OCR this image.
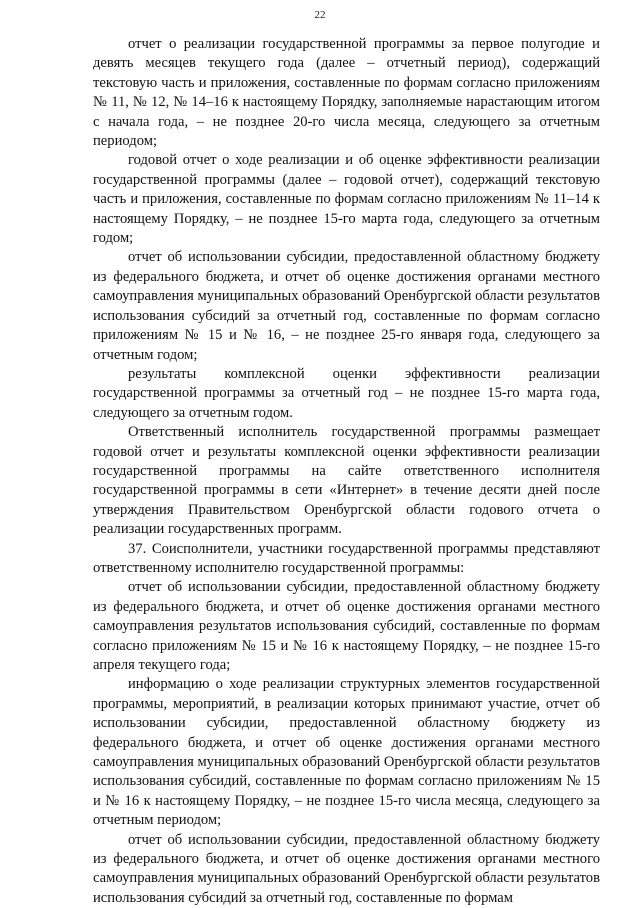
22

отчет о реализации государственной программы за первое полугодие и девять месяцев текущего года (далее – отчетный период), содержащий текстовую часть и приложения, составленные по формам согласно приложениям № 11, № 12, № 14–16 к настоящему Порядку, заполняемые нарастающим итогом с начала года, – не позднее 20-го числа месяца, следующего за отчетным периодом;

годовой отчет о ходе реализации и об оценке эффективности реализации государственной программы (далее – годовой отчет), содержащий текстовую часть и приложения, составленные по формам согласно приложениям № 11–14 к настоящему Порядку, – не позднее 15-го марта года, следующего за отчетным годом;

отчет об использовании субсидии, предоставленной областному бюджету из федерального бюджета, и отчет об оценке достижения органами местного самоуправления муниципальных образований Оренбургской области результатов использования субсидий за отчетный год, составленные по формам согласно приложениям № 15 и № 16, – не позднее 25-го января года, следующего за отчетным годом;

результаты комплексной оценки эффективности реализации государственной программы за отчетный год – не позднее 15-го марта года, следующего за отчетным годом.

Ответственный исполнитель государственной программы размещает годовой отчет и результаты комплексной оценки эффективности реализации государственной программы на сайте ответственного исполнителя государственной программы в сети «Интернет» в течение десяти дней после утверждения Правительством Оренбургской области годового отчета о реализации государственных программ.

37. Соисполнители, участники государственной программы представляют ответственному исполнителю государственной программы:

отчет об использовании субсидии, предоставленной областному бюджету из федерального бюджета, и отчет об оценке достижения органами местного самоуправления результатов использования субсидий, составленные по формам согласно приложениям № 15 и № 16 к настоящему Порядку, – не позднее 15-го апреля текущего года;

информацию о ходе реализации структурных элементов государственной программы, мероприятий, в реализации которых принимают участие, отчет об использовании субсидии, предоставленной областному бюджету из федерального бюджета, и отчет об оценке достижения органами местного самоуправления муниципальных образований Оренбургской области результатов использования субсидий, составленные по формам согласно приложениям № 15 и № 16 к настоящему Порядку, – не позднее 15-го числа месяца, следующего за отчетным периодом;

отчет об использовании субсидии, предоставленной областному бюджету из федерального бюджета, и отчет об оценке достижения органами местного самоуправления муниципальных образований Оренбургской области результатов использования субсидий за отчетный год, составленные по формам
